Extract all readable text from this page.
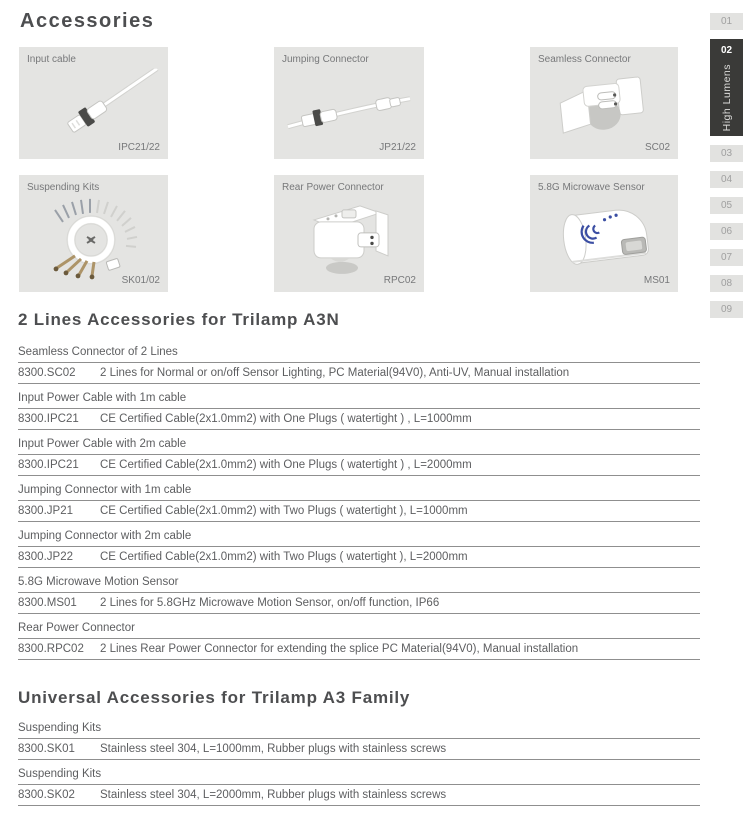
Accessories
Input cable
IPC21/22
Jumping Connector
JP21/22
Seamless Connector
SC02
Suspending Kits
SK01/02
Rear Power Connector
RPC02
5.8G Microwave Sensor
MS01
01
02
High Lumens
03
04
05
06
07
08
09
2 Lines Accessories for Trilamp A3N
Seamless Connector of 2 Lines
8300.SC02	2 Lines for Normal or on/off Sensor Lighting, PC Material(94V0), Anti-UV, Manual installation
Input Power Cable with 1m cable
8300.IPC21	CE Certified Cable(2x1.0mm2) with One Plugs ( watertight ) , L=1000mm
Input Power Cable with 2m cable
8300.IPC21	CE Certified Cable(2x1.0mm2) with One Plugs ( watertight ) , L=2000mm
Jumping Connector with 1m cable
8300.JP21	CE Certified Cable(2x1.0mm2) with Two Plugs ( watertight ), L=1000mm
Jumping Connector with 2m cable
8300.JP22	CE Certified Cable(2x1.0mm2) with Two Plugs ( watertight ), L=2000mm
5.8G Microwave Motion Sensor
8300.MS01	2 Lines for 5.8GHz Microwave Motion Sensor, on/off function, IP66
Rear Power Connector
8300.RPC02	2 Lines Rear Power Connector for extending the splice PC Material(94V0), Manual installation
Universal Accessories for Trilamp A3 Family
Suspending Kits
8300.SK01	Stainless steel 304, L=1000mm, Rubber plugs with stainless screws
Suspending Kits
8300.SK02	Stainless steel 304, L=2000mm, Rubber plugs with stainless screws
